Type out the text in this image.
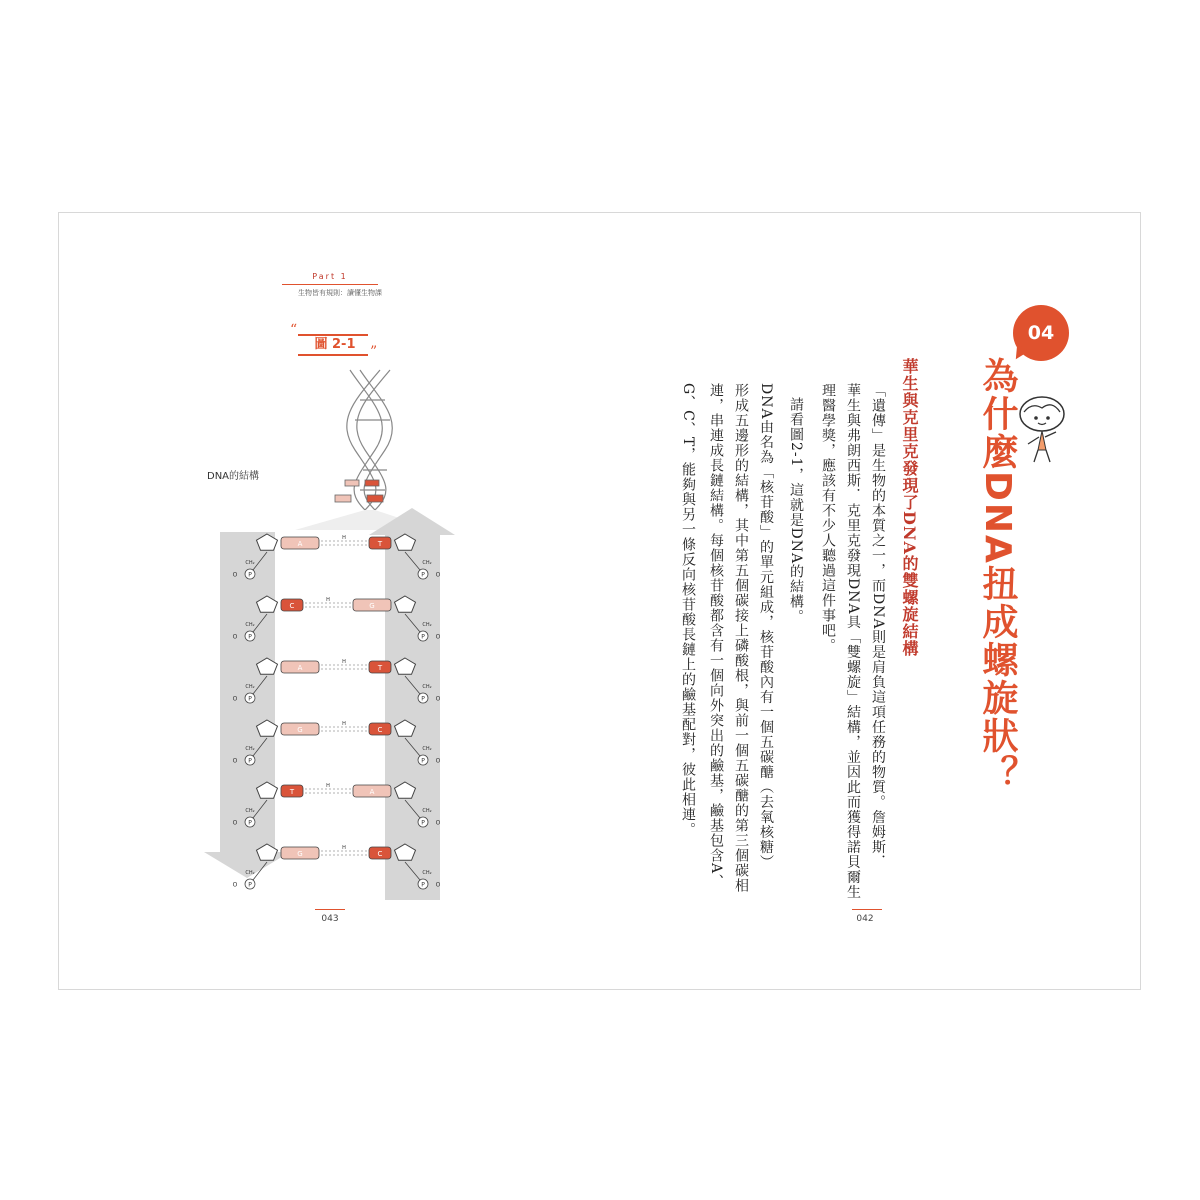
Part 1
生物皆有規則：讀懂生物課
“
圖 2-1	”
DNA的結構
P
O	P O
CH₂	CH₂
A	T
H
P
O	P O
CH₂	CH₂
C	G
H
P
O	P O
CH₂	CH₂
A	T
H
P
O	P O
CH₂	CH₂
G	C
H
P
O	P O
CH₂	CH₂
T	A
H
P
O	P O
CH₂	CH₂
G	C
H
043
04
為什麼DNA扭成螺旋狀？
華生與克里克發現了DNA的雙螺旋結構
「遺傳」是生物的本質之一，而DNA則是肩負這項任務的物質。詹姆斯．
華生與弗朗西斯．克里克發現DNA具「雙螺旋」結構，並因此而獲得諾貝爾生
理醫學獎，應該有不少人聽過這件事吧。
請看圖2-1，這就是DNA的結構。
DNA由名為「核苷酸」的單元組成，核苷酸內有一個五碳醣（去氧核糖）
形成五邊形的結構，其中第五個碳接上磷酸根，與前一個五碳醣的第三個碳相
連，串連成長鏈結構。每個核苷酸都含有一個向外突出的鹼基，鹼基包含A、
G、C、T，能夠與另一條反向核苷酸長鏈上的鹼基配對，彼此相連。
042
